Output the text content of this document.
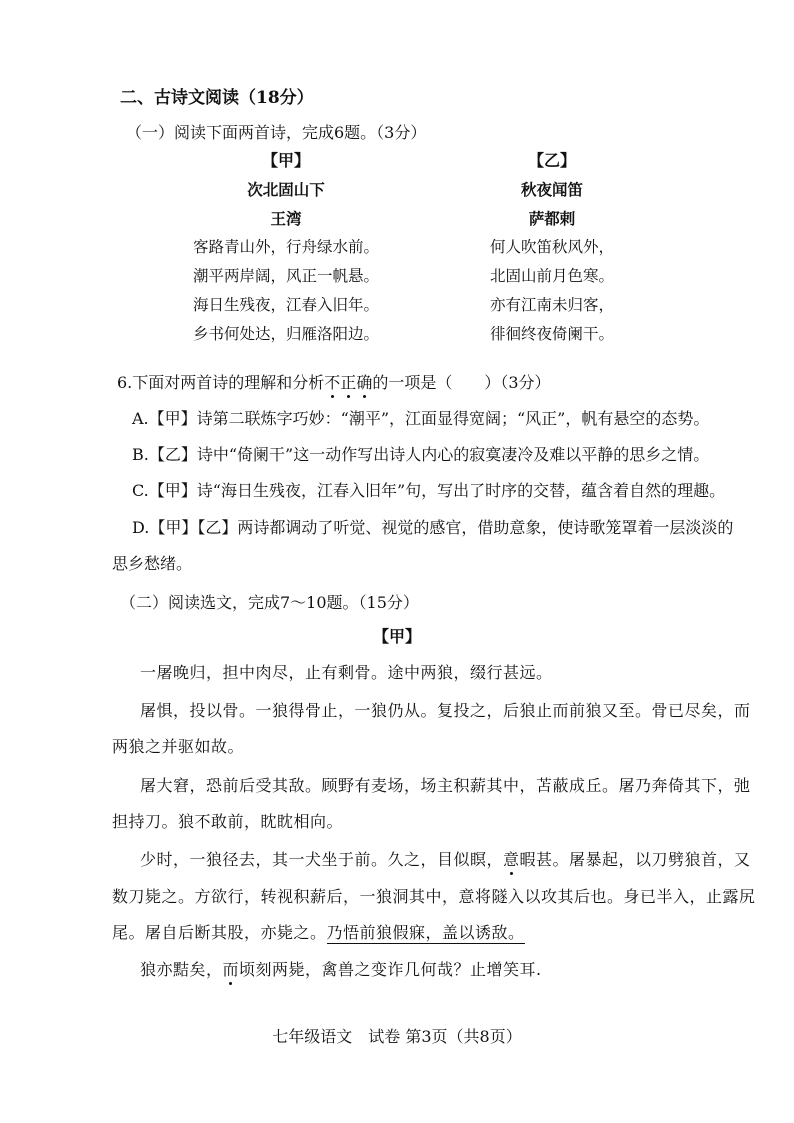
二、古诗文阅读（18分）
（一）阅读下面两首诗，完成6题。（3分）
【甲】
次北固山下
王湾
客路青山外，行舟绿水前。
潮平两岸阔，风正一帆悬。
海日生残夜，江春入旧年。
乡书何处达，归雁洛阳边。
【乙】
秋夜闻笛
萨都剌
何人吹笛秋风外，
北固山前月色寒。
亦有江南未归客，
徘徊终夜倚阑干。
6.下面对两首诗的理解和分析不正确的一项是（　　）（3分）
A.【甲】诗第二联炼字巧妙：“潮平”，江面显得宽阔；“风正”，帆有悬空的态势。
B.【乙】诗中“倚阑干”这一动作写出诗人内心的寂寞凄冷及难以平静的思乡之情。
C.【甲】诗“海日生残夜，江春入旧年”句，写出了时序的交替，蕴含着自然的理趣。
D.【甲】【乙】两诗都调动了听觉、视觉的感官，借助意象，使诗歌笼罩着一层淡淡的
思乡愁绪。
（二）阅读选文，完成7～10题。（15分）
【甲】
一屠晚归，担中肉尽，止有剩骨。途中两狼，缀行甚远。
屠惧，投以骨。一狼得骨止，一狼仍从。复投之，后狼止而前狼又至。骨已尽矣，而
两狼之并驱如故。
屠大窘，恐前后受其敌。顾野有麦场，场主积薪其中，苫蔽成丘。屠乃奔倚其下，弛
担持刀。狼不敢前，眈眈相向。
少时，一狼径去，其一犬坐于前。久之，目似瞑，意暇甚。屠暴起，以刀劈狼首，又
数刀毙之。方欲行，转视积薪后，一狼洞其中，意将隧入以攻其后也。身已半入，止露尻
尾。屠自后断其股，亦毙之。乃悟前狼假寐，盖以诱敌。
狼亦黠矣，而顷刻两毙，禽兽之变诈几何哉？止增笑耳.
七年级语文　试卷 第3页（共8页）
